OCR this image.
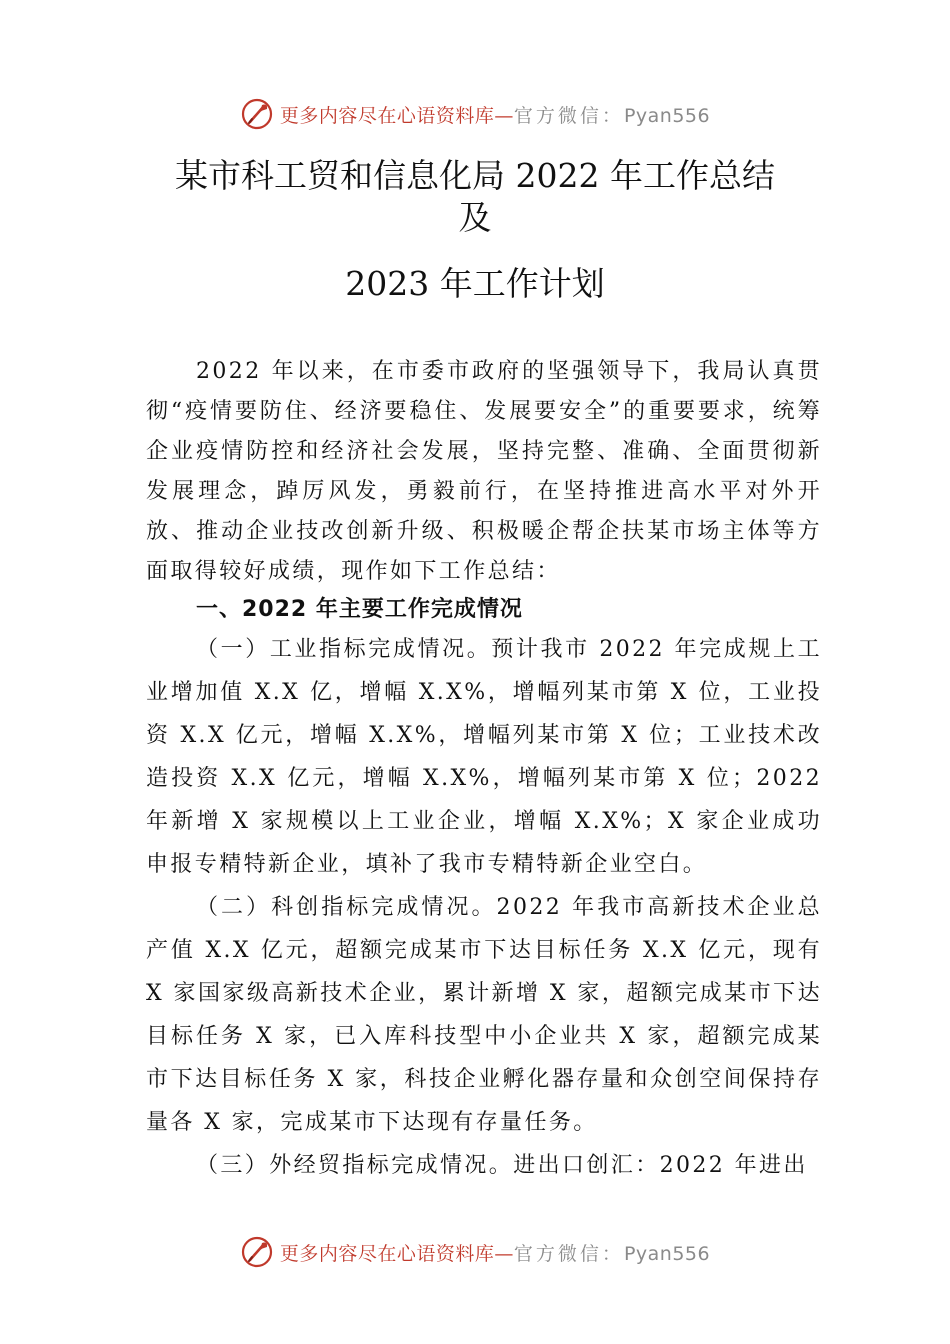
更多内容尽在心语资料库—官方微信：Pyan556
某市科工贸和信息化局 2022 年工作总结
及
2023 年工作计划

2022 年以来，在市委市政府的坚强领导下，我局认真贯彻“疫情要防住、经济要稳住、发展要安全”的重要要求，统筹企业疫情防控和经济社会发展，坚持完整、准确、全面贯彻新发展理念，踔厉风发，勇毅前行，在坚持推进高水平对外开放、推动企业技改创新升级、积极暖企帮企扶某市场主体等方面取得较好成绩，现作如下工作总结：

一、2022 年主要工作完成情况

（一）工业指标完成情况。预计我市 2022 年完成规上工业增加值 X.X 亿，增幅 X.X%，增幅列某市第 X 位，工业投资 X.X 亿元，增幅 X.X%，增幅列某市第 X 位；工业技术改造投资 X.X 亿元，增幅 X.X%，增幅列某市第 X 位；2022 年新增 X 家规模以上工业企业，增幅 X.X%；X 家企业成功申报专精特新企业，填补了我市专精特新企业空白。

（二）科创指标完成情况。2022 年我市高新技术企业总产值 X.X 亿元，超额完成某市下达目标任务 X.X 亿元，现有 X 家国家级高新技术企业，累计新增 X 家，超额完成某市下达目标任务 X 家，已入库科技型中小企业共 X 家，超额完成某市下达目标任务 X 家，科技企业孵化器存量和众创空间保持存量各 X 家，完成某市下达现有存量任务。

（三）外经贸指标完成情况。进出口创汇：2022 年进出

更多内容尽在心语资料库—官方微信：Pyan556
